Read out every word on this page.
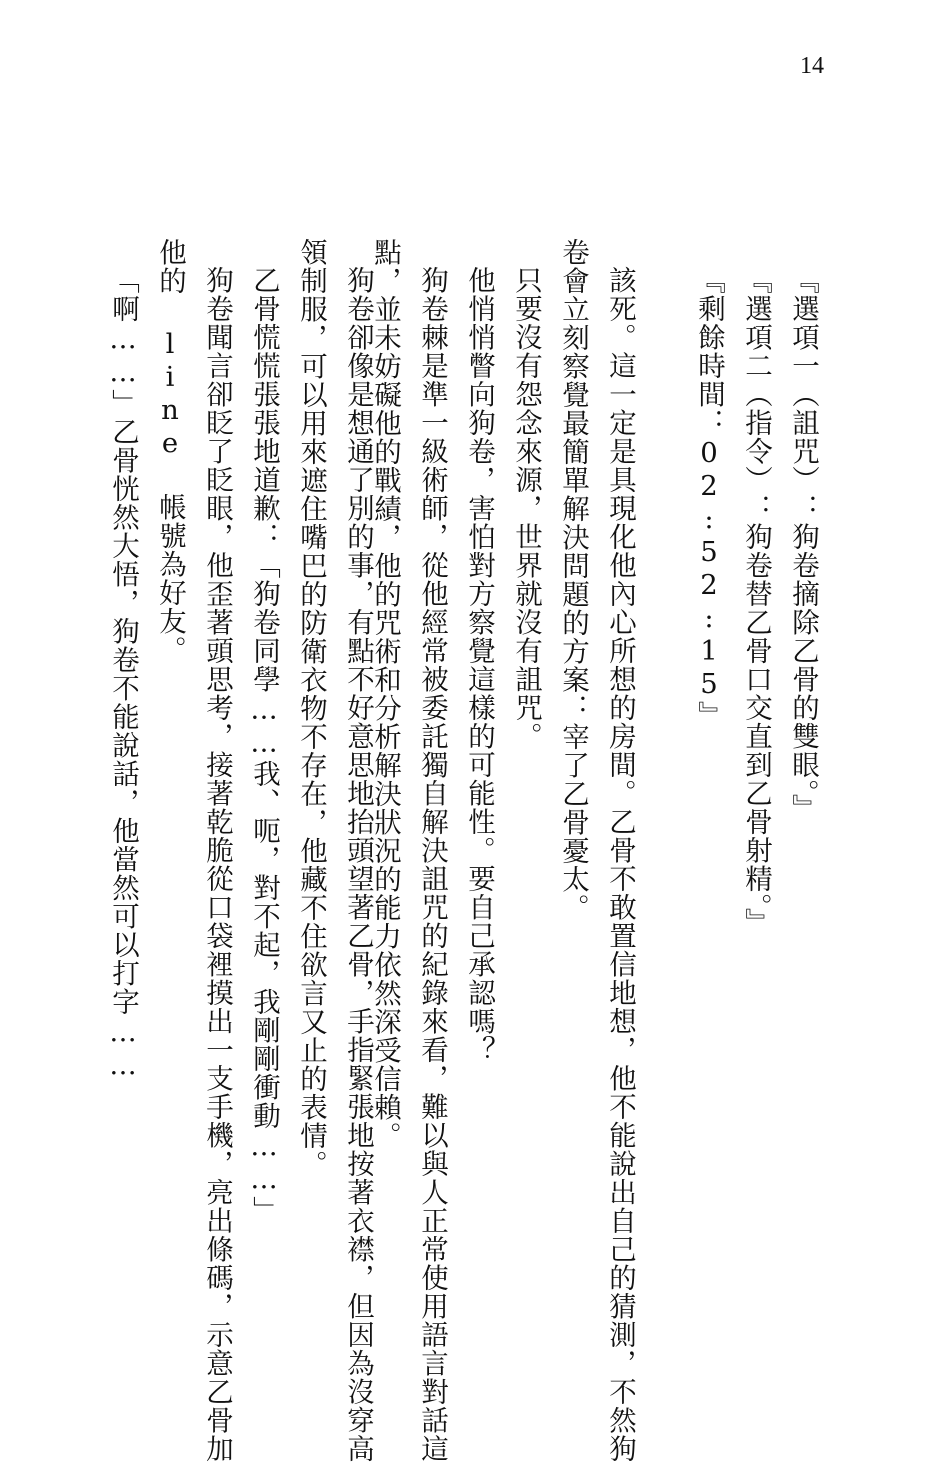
14
『選項一（詛咒）：狗卷摘除乙骨的雙眼。』
『選項二（指令）：狗卷替乙骨口交直到乙骨射精。』
『剩餘時間：02:52:15』
該死。這一定是具現化他內心所想的房間。乙骨不敢置信地想，他不能說出自己的猜測，不然狗
卷會立刻察覺最簡單解決問題的方案：宰了乙骨憂太。
只要沒有怨念來源，世界就沒有詛咒。
他悄悄瞥向狗卷，害怕對方察覺這樣的可能性。要自己承認嗎？
狗卷棘是準一級術師，從他經常被委託獨自解決詛咒的紀錄來看，難以與人正常使用語言對話這
點，並未妨礙他的戰績，他的咒術和分析解決狀況的能力依然深受信賴。
狗卷卻像是想通了別的事，有點不好意思地抬頭望著乙骨，手指緊張地按著衣襟，但因為沒穿高
領制服，可以用來遮住嘴巴的防衛衣物不存在，他藏不住欲言又止的表情。
乙骨慌慌張張地道歉：「狗卷同學……我、呃，對不起，我剛剛衝動……」
狗卷聞言卻眨了眨眼，他歪著頭思考，接著乾脆從口袋裡摸出一支手機，亮出條碼，示意乙骨加
他的 line 帳號為好友。
「啊……」乙骨恍然大悟，狗卷不能說話，他當然可以打字……
